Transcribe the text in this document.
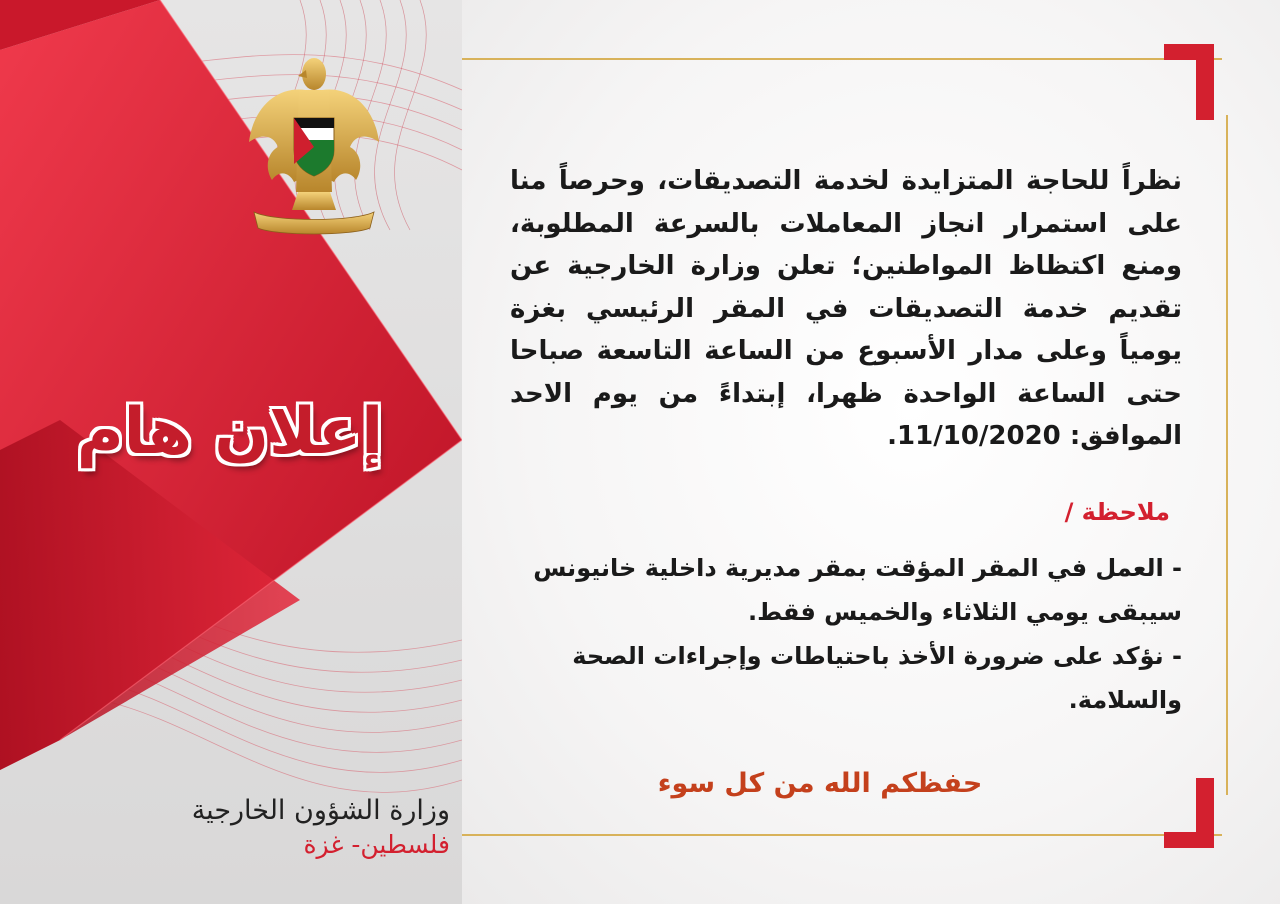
إعلان هام
وزارة الشؤون الخارجية
فلسطين- غزة
نظراً للحاجة المتزايدة لخدمة التصديقات، وحرصاً منا على استمرار انجاز المعاملات بالسرعة المطلوبة، ومنع اكتظاظ المواطنين؛ تعلن وزارة الخارجية عن تقديم خدمة التصديقات في المقر الرئيسي بغزة يومياً وعلى مدار الأسبوع من الساعة التاسعة صباحا حتى الساعة الواحدة ظهرا، إبتداءً من يوم الاحد الموافق: 11/10/2020.
ملاحظة /
- العمل في المقر المؤقت بمقر مديرية داخلية خانيونس سيبقى يومي الثلاثاء والخميس فقط.
- نؤكد على ضرورة الأخذ باحتياطات وإجراءات الصحة والسلامة.
حفظكم الله من كل سوء
